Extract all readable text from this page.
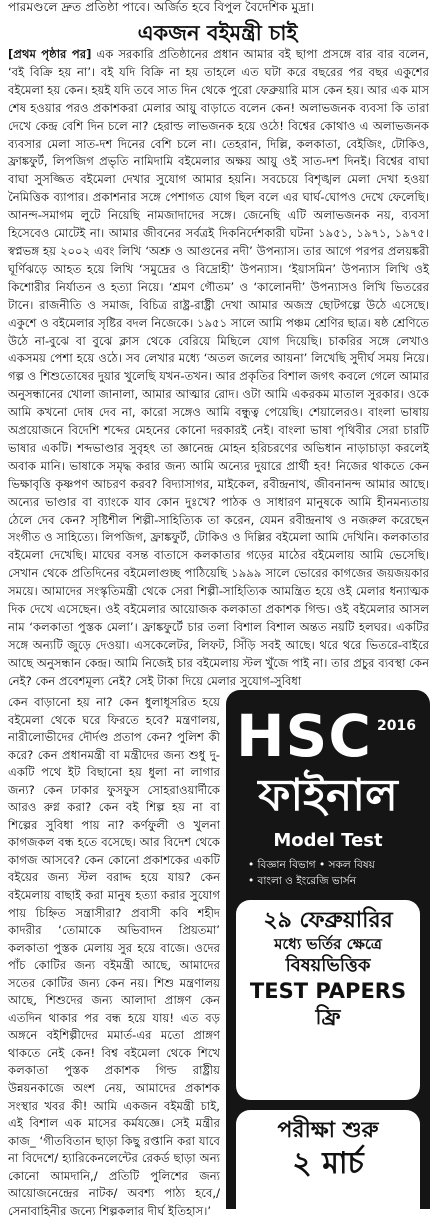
পারমণ্ডলে দ্রুত প্রতিষ্ঠা পাবে। অর্জিত হবে বিপুল বৈদেশিক মুদ্রা।
একজন বইমন্ত্রী চাই

[প্রথম পৃষ্ঠার পর] এক সরকারি প্রতিষ্ঠানের প্রধান আমার বই ছাপা প্রসঙ্গে বার বার বলেন, ‘বই বিক্রি হয় না’। বই যদি বিক্রি না হয় তাহলে এত ঘটা করে বছরের পর বছর একুশের বইমেলা হয় কেন। হয়ই যদি তবে সাত দিন থেকে পুরো ফেব্রুয়ারি মাস কেন হয়। আর এক মাস শেষ হওয়ার পরও প্রকাশকরা মেলার আয়ু বাড়াতে বলেন কেন! অলাভজনক ব্যবসা কি তারা দেখে কেন্দ্র বেশি দিন চলে না? হেরাল্ড লাভজনক হয়ে ওঠে! বিশ্বের কোথাও এ অলাভজনক ব্যবসার মেলা সাত-দশ দিনের বেশি চলে না। তেহরান, দিল্লি, কলকাতা, বেইজিং, টোকিও, ফ্রাঙ্কফুর্ট, লিপজিগ প্রভৃতি নামিদামি বইমেলার অক্ষয় আয়ু ওই সাত-দশ দিনই। বিশ্বের বাঘা বাঘা সুসজ্জিত বইমেলা দেখার সুযোগ আমার হয়নি। সবচেয়ে বিশৃঙ্খল মেলা দেখা হওয়া নৈমিত্তিক ব্যাপার। প্রকাশনার সঙ্গে পেশাগত যোগ ছিল বলে এর ঘার্ঘ-ঘোপও দেখে ফেলেছি। আনন্দ-সমাগম লুটে নিয়েছি নামজাদাদের সঙ্গে। জেনেছি এটি অলাভজনক নয়, ব্যবসা হিসেবেও মোটেই না। আমার জীবনের সর্বত্রই দিকনির্দেশকারী ঘটনা ১৯৫১, ১৯৭১, ১৯৭৫। স্বপ্নভঙ্গ হয় ২০০২ এবং লিখি ‘অশ্রু ও আগুনের নদী’ উপন্যাস। তার আগে পরপর প্রলয়ঙ্করী ঘূর্ণিঝড়ে আহত হয়ে লিখি ‘সমুদ্রের ও বিদ্রোহী’ উপন্যাস। ‘ইয়াসমিন’ উপন্যাস লিখি ওই কিশোরীর নির্যাতন ও হত্যা নিয়ে। ‘শ্রমণ গৌতম’ ও ‘কালোনদী’ উপন্যাসও লিখি ভিতরের টানে। রাজনীতি ও সমাজ, বিচিত্র রাষ্ট্র-রাষ্ট্রী দেখা আমার অজস্র ছোটগল্পে উঠে এসেছে। একুশে ও বইমেলার সৃষ্টির বদল নিজেকে। ১৯৫১ সালে আমি পঞ্চম শ্রেণির ছাত্র। ষষ্ঠ শ্রেণিতে উঠে না-বুঝে বা বুঝে ক্লাস থেকে বেরিয়ে মিছিলে যোগ দিয়েছি। চাকরির সঙ্গে লেখাও একসময় পেশা হয়ে ওঠে। সব লেখার মধ্যে ‘অতল জলের আয়না’ লিখেছি সুদীর্ঘ সময় নিয়ে। গল্প ও শিশুতোষের দুয়ার খুলেছি যখন-তখন। আর প্রকৃতির বিশাল জগৎ কবলে গেলে আমার অনুসন্ধানের খোলা জানালা, আমার আত্মার রোদ। ওটা আমি একরকম মাতাল সুরকার। ওকে আমি কখনো দোষ দেব না, কারো সঙ্গেও আমি বন্ধুত্ব পেয়েছি। শেয়ালেরও। বাংলা ভাষায় অপ্রয়োজনে বিদেশি শব্দের মেহনের কোনো দরকারই নেই। বাংলা ভাষা পৃথিবীর সেরা চারটি ভাষার একটি। শব্দভাণ্ডার সুবৃহৎ তা জ্ঞানেন্দ্র মোহন হরিচরণের অভিধান নাড়াচাড়া করলেই অবাক মানি। ভাষাকে সমৃদ্ধ করার জন্য আমি অন্যের দুয়ারে প্রার্থী হব! নিজের থাকতে কেন ভিক্ষাবৃত্তি কৃষ্ণপণ আচরণ করব? বিদ্যাসাগর, মাইকেল, রবীন্দ্রনাথ, জীবনানন্দ আমার আছে। অন্যের ভাণ্ডার বা ব্যাংকে যাব কোন দুঃখে? পাঠক ও সাধারণ মানুষকে আমি হীনমন্যতায় ঠেলে দেব কেন? সৃষ্টিশীল শিল্পী-সাহিত্যিক তা করেন, যেমন রবীন্দ্রনাথ ও নজরুল করেছেন সংগীত ও সাহিত্যে। লিপজিগ, ফ্রাঙ্কফুর্ট, টোকিও ও দিল্লির বইমেলা আমি দেখিনি। কলকাতার বইমেলা দেখেছি। মাঘের বসন্ত বাতাসে কলকাতার গড়ের মাঠের বইমেলায় আমি ভেসেছি। সেখান থেকে প্রতিদিনের বইমেলাগুচ্ছ পাঠিয়েছি ১৯৯৯ সালে ভোরের কাগজের জয়জয়কার সময়ে। আমাদের সংস্কৃতিমন্ত্রী থেকে সেরা শিল্পী-সাহিত্যিক আমন্ত্রিত হয়ে ওই মেলার ধন্যাত্মক দিক দেখে এসেছেন। ওই বইমেলার আয়োজক কলকাতা প্রকাশক গিল্ড। ওই বইমেলার আসল নাম ‘কলকাতা পুস্তক মেলা’। ফ্রাঙ্কফুর্টে চার তলা বিশাল বিশাল অন্তত নয়টি হলঘর। একটির সঙ্গে অন্যটি জুড়ে দেওয়া। এসকেলেটর, লিফট, সিঁড়ি সবই আছে। থরে থরে ভিতরে-বাইরে আছে অনুসন্ধান কেন্দ্র। আমি নিজেই চার বইমেলায় স্টল খুঁজে পাই না। তার প্রচুর ব্যবস্থা কেন নেই? কেন প্রবেশমূল্য নেই? সেই টাকা দিয়ে মেলার সুযোগ-সুবিধা

কেন বাড়ানো হয় না? কেন ধুলাধূসরিত হয়ে বইমেলা থেকে ঘরে ফিরতে হবে? মন্ত্রণালয়, নারীলোভীদের দৌর্দণ্ড প্রতাপ কেন? পুলিশ কী করে? কেন প্রধানমন্ত্রী বা মন্ত্রীদের জন্য শুধু দু-একটি পথে ইট বিছানো হয় ধুলা না লাগার জন্য? কেন ঢাকার ফুসফুস সোহরাওয়ার্দীকে আরও রুগ্ন করা? কেন বই শিল্প হয় না বা শিল্পের সুবিধা পায় না? কর্ণফুলী ও খুলনা কাগজকল বন্ধ হতে বসেছে। আর বিদেশ থেকে কাগজ আসবে? কেন কোনো প্রকাশকের একটি বইয়ের জন্য স্টল বরাদ্দ হয়ে যায়? কেন বইমেলায় বাছাই করা মানুষ হত্যা করার সুযোগ পায় চিহ্নিত সন্ত্রাসীরা? প্রবাসী কবি শহীদ কাদরীর ‘তোমাকে অভিবাদন প্রিয়তমা’ কলকাতা পুস্তক মেলায় সুর হয়ে বাজে। ওদের পাঁচ কোটির জন্য বইমন্ত্রী আছে, আমাদের সতের কোটির জন্য কেন নয়। শিশু মন্ত্রণালয় আছে, শিশুদের জন্য আলাদা প্রাঙ্গণ কেন এতদিন থাকার পর বন্ধ হয়ে যায়! এত বড় অঙ্গনে বইশিল্পীদের মমার্ত-এর মতো প্রাঙ্গণ থাকতে নেই কেন! বিশ্ব বইমেলা থেকে শিখে কলকাতা পুস্তক প্রকাশক গিল্ড রাষ্ট্রীয় উন্নয়নকাজে অংশ নেয়, আমাদের প্রকাশক সংস্থার খবর কী! আমি একজন বইমন্ত্রী চাই, এই বিশাল এক মাসের কর্মযজ্ঞে। সেই মন্ত্রীর কাজ_ ‘গীতবিতান ছাড়া কিছু রপ্তানি করা যাবে না বিদেশে/ হ্যারিকেনলেন্টের রেকর্ড ছাড়া অন্য কোনো আমদানি,/ প্রতিটি পুলিশের জন্য আয়োজনেন্দ্রের নাটক/ অবশ্য পাঠ্য হবে,/সেনাবাহিনীর জন্যে শিল্পকলার দীর্ঘ ইতিহাস।’

HSC 2016
ফাইনাল
Model Test
• বিজ্ঞান বিভাগ • সকল বিষয়
• বাংলা ও ইংরেজি ভার্সন
২৯ ফেব্রুয়ারির
মধ্যে ভর্তির ক্ষেত্রে
বিষয়ভিত্তিক
TEST PAPERS
ফ্রি
পরীক্ষা শুরু
২ মার্চ
